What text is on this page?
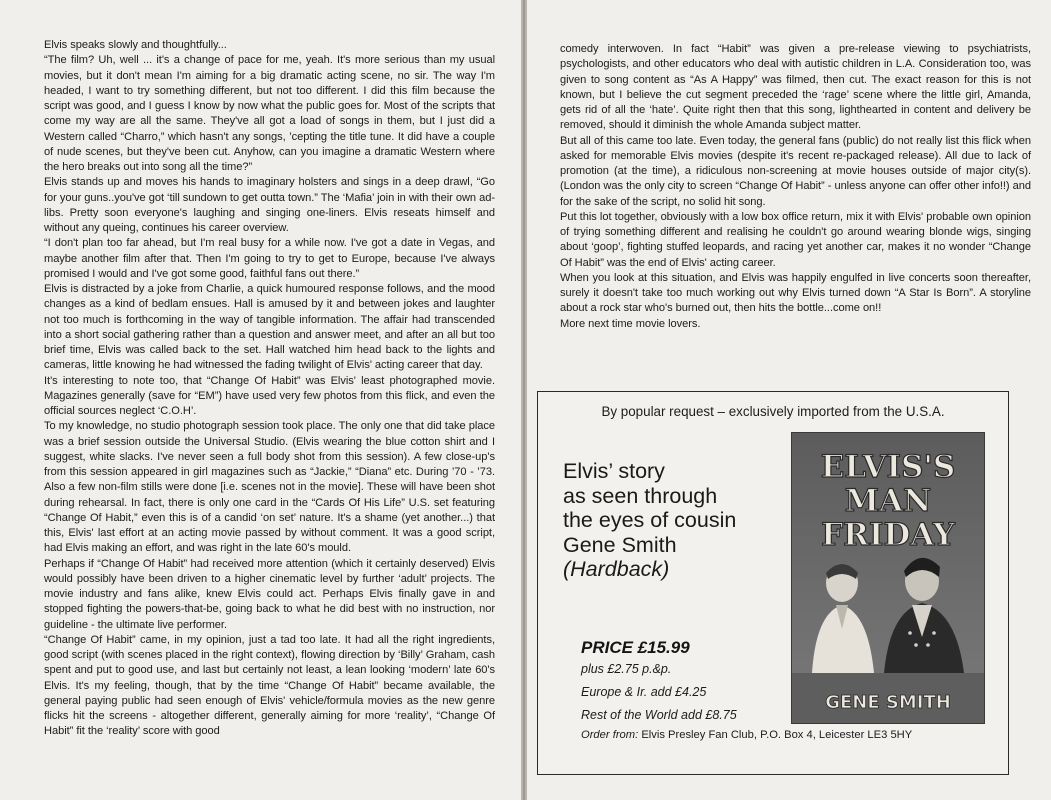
Elvis speaks slowly and thoughtfully...

“The film? Uh, well ... it's a change of pace for me, yeah. It's more serious than my usual movies, but it don't mean I'm aiming for a big dramatic acting scene, no sir. The way I'm headed, I want to try something different, but not too different. I did this film because the script was good, and I guess I know by now what the public goes for. Most of the scripts that come my way are all the same. They've all got a load of songs in them, but I just did a Western called “Charro,” which hasn't any songs, ’cepting the title tune. It did have a couple of nude scenes, but they've been cut. Anyhow, can you imagine a dramatic Western where the hero breaks out into song all the time?”

Elvis stands up and moves his hands to imaginary holsters and sings in a deep drawl, “Go for your guns..you've got ‘till sundown to get outta town.” The ‘Mafia’ join in with their own ad-libs. Pretty soon everyone's laughing and singing one-liners. Elvis reseats himself and without any queing, continues his career overview.

“I don't plan too far ahead, but I'm real busy for a while now. I've got a date in Vegas, and maybe another film after that. Then I'm going to try to get to Europe, because I've always promised I would and I've got some good, faithful fans out there.”

Elvis is distracted by a joke from Charlie, a quick humoured response follows, and the mood changes as a kind of bedlam ensues. Hall is amused by it and between jokes and laughter not too much is forthcoming in the way of tangible information. The affair had transcended into a short social gathering rather than a question and answer meet, and after an all but too brief time, Elvis was called back to the set. Hall watched him head back to the lights and cameras, little knowing he had witnessed the fading twilight of Elvis' acting career that day.

It's interesting to note too, that “Change Of Habit” was Elvis' least photographed movie. Magazines generally (save for “EM”) have used very few photos from this flick, and even the official sources neglect ‘C.O.H’.

To my knowledge, no studio photograph session took place. The only one that did take place was a brief session outside the Universal Studio. (Elvis wearing the blue cotton shirt and I suggest, white slacks. I've never seen a full body shot from this session). A few close-up's from this session appeared in girl magazines such as “Jackie,” “Diana” etc. During ’70 - ’73. Also a few non-film stills were done [i.e. scenes not in the movie]. These will have been shot during rehearsal. In fact, there is only one card in the “Cards Of His Life” U.S. set featuring “Change Of Habit,” even this is of a candid ‘on set’ nature. It's a shame (yet another...) that this, Elvis' last effort at an acting movie passed by without comment. It was a good script, had Elvis making an effort, and was right in the late 60's mould.

Perhaps if “Change Of Habit” had received more attention (which it certainly deserved) Elvis would possibly have been driven to a higher cinematic level by further ‘adult’ projects. The movie industry and fans alike, knew Elvis could act. Perhaps Elvis finally gave in and stopped fighting the powers-that-be, going back to what he did best with no instruction, nor guideline - the ultimate live performer.

“Change Of Habit” came, in my opinion, just a tad too late. It had all the right ingredients, good script (with scenes placed in the right context), flowing direction by ‘Billy’ Graham, cash spent and put to good use, and last but certainly not least, a lean looking ‘modern’ late 60's Elvis. It's my feeling, though, that by the time “Change Of Habit” became available, the general paying public had seen enough of Elvis' vehicle/formula movies as the new genre flicks hit the screens - altogether different, generally aiming for more ‘reality’, “Change Of Habit” fit the ‘reality’ score with good

comedy interwoven. In fact “Habit” was given a pre-release viewing to psychiatrists, psychologists, and other educators who deal with autistic children in L.A. Consideration too, was given to song content as “As A Happy” was filmed, then cut. The exact reason for this is not known, but I believe the cut segment preceded the ‘rage’ scene where the little girl, Amanda, gets rid of all the ‘hate’. Quite right then that this song, lighthearted in content and delivery be removed, should it diminish the whole Amanda subject matter.

But all of this came too late. Even today, the general fans (public) do not really list this flick when asked for memorable Elvis movies (despite it's recent re-packaged release). All due to lack of promotion (at the time), a ridiculous non-screening at movie houses outside of major city(s). (London was the only city to screen “Change Of Habit” - unless anyone can offer other info!!) and for the sake of the script, no solid hit song.

Put this lot together, obviously with a low box office return, mix it with Elvis' probable own opinion of trying something different and realising he couldn't go around wearing blonde wigs, singing about ‘goop’, fighting stuffed leopards, and racing yet another car, makes it no wonder “Change Of Habit” was the end of Elvis' acting career.

When you look at this situation, and Elvis was happily engulfed in live concerts soon thereafter, surely it doesn't take too much working out why Elvis turned down “A Star Is Born”. A storyline about a rock star who's burned out, then hits the bottle...come on!!

More next time movie lovers.

By popular request – exclusively imported from the U.S.A.
Elvis’ story
as seen through
the eyes of cousin
Gene Smith
(Hardback)
ELVIS'S
MAN
FRIDAY
GENE SMITH
PRICE £15.99
plus £2.75 p.&p.
Europe & Ir. add £4.25
Rest of the World add £8.75
Order from: Elvis Presley Fan Club, P.O. Box 4, Leicester LE3 5HY
